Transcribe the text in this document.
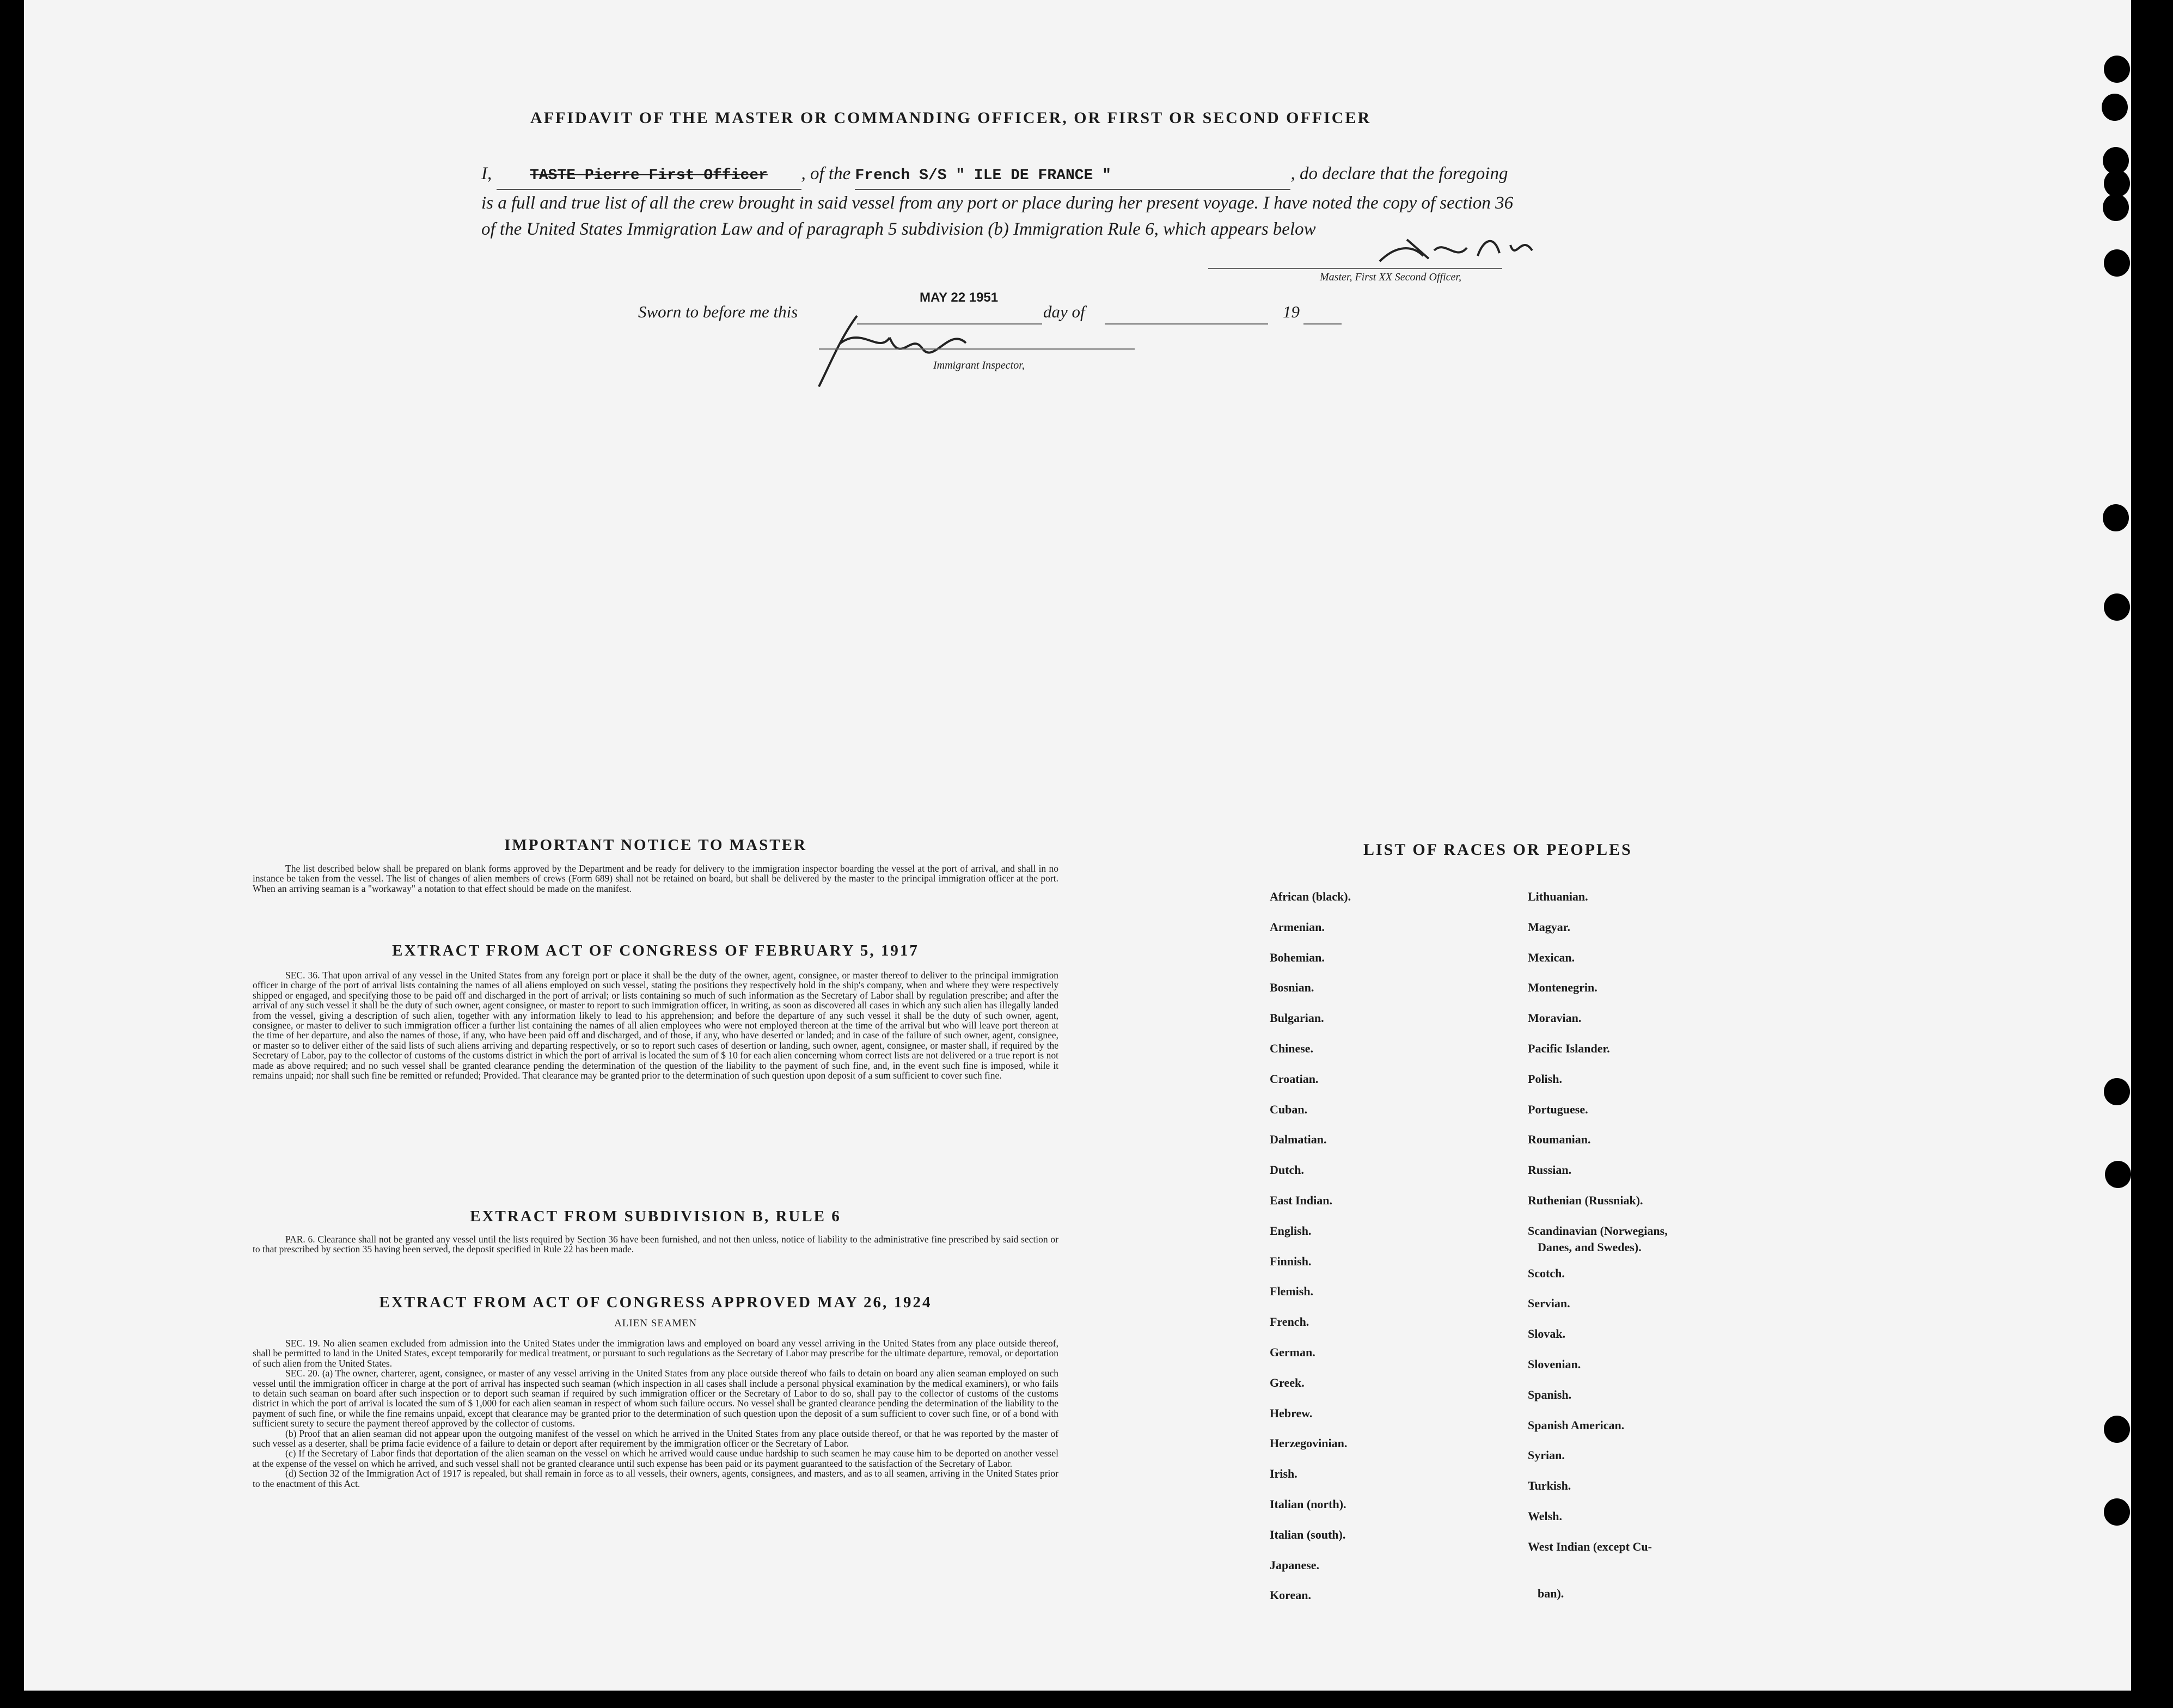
AFFIDAVIT OF THE MASTER OR COMMANDING OFFICER, OR FIRST OR SECOND OFFICER
I, TASTE Pierre First Officer , of the French S/S " ILE DE FRANCE "	, do declare that the foregoing is a full and true list of all the crew brought in said vessel from any port or place during her present voyage. I have noted the copy of section 36 of the United States Immigration Law and of paragraph 5 subdivision (b) Immigration Rule 6, which appears below
Master, First XX Second Officer,
Sworn to before me this
MAY 22 1951
day of	19
Immigrant Inspector,
IMPORTANT NOTICE TO MASTER

The list described below shall be prepared on blank forms approved by the Department and be ready for delivery to the immigration inspector boarding the vessel at the port of arrival, and shall in no instance be taken from the vessel. The list of changes of alien members of crews (Form 689) shall not be retained on board, but shall be delivered by the master to the principal immigration officer at the port. When an arriving seaman is a "workaway" a notation to that effect should be made on the manifest.

EXTRACT FROM ACT OF CONGRESS OF FEBRUARY 5, 1917

SEC. 36. That upon arrival of any vessel in the United States from any foreign port or place it shall be the duty of the owner, agent, consignee, or master thereof to deliver to the principal immigration officer in charge of the port of arrival lists containing the names of all aliens employed on such vessel, stating the positions they respectively hold in the ship's company, when and where they were respectively shipped or engaged, and specifying those to be paid off and discharged in the port of arrival; or lists containing so much of such information as the Secretary of Labor shall by regulation prescribe; and after the arrival of any such vessel it shall be the duty of such owner, agent consignee, or master to report to such immigration officer, in writing, as soon as discovered all cases in which any such alien has illegally landed from the vessel, giving a description of such alien, together with any information likely to lead to his apprehension; and before the departure of any such vessel it shall be the duty of such owner, agent, consignee, or master to deliver to such immigration officer a further list containing the names of all alien employees who were not employed thereon at the time of the arrival but who will leave port thereon at the time of her departure, and also the names of those, if any, who have been paid off and discharged, and of those, if any, who have deserted or landed; and in case of the failure of such owner, agent, consignee, or master so to deliver either of the said lists of such aliens arriving and departing respectively, or so to report such cases of desertion or landing, such owner, agent, consignee, or master shall, if required by the Secretary of Labor, pay to the collector of customs of the customs district in which the port of arrival is located the sum of $ 10 for each alien concerning whom correct lists are not delivered or a true report is not made as above required; and no such vessel shall be granted clearance pending the determination of the question of the liability to the payment of such fine, and, in the event such fine is imposed, while it remains unpaid; nor shall such fine be remitted or refunded; Provided. That clearance may be granted prior to the determination of such question upon deposit of a sum sufficient to cover such fine.

EXTRACT FROM SUBDIVISION B, RULE 6

PAR. 6. Clearance shall not be granted any vessel until the lists required by Section 36 have been furnished, and not then unless, notice of liability to the administrative fine prescribed by said section or to that prescribed by section 35 having been served, the deposit specified in Rule 22 has been made.

EXTRACT FROM ACT OF CONGRESS APPROVED MAY 26, 1924
ALIEN SEAMEN

SEC. 19. No alien seamen excluded from admission into the United States under the immigration laws and employed on board any vessel arriving in the United States from any place outside thereof, shall be permitted to land in the United States, except temporarily for medical treatment, or pursuant to such regulations as the Secretary of Labor may prescribe for the ultimate departure, removal, or deportation of such alien from the United States.

SEC. 20. (a) The owner, charterer, agent, consignee, or master of any vessel arriving in the United States from any place outside thereof who fails to detain on board any alien seaman employed on such vessel until the immigration officer in charge at the port of arrival has inspected such seaman (which inspection in all cases shall include a personal physical examination by the medical examiners), or who fails to detain such seaman on board after such inspection or to deport such seaman if required by such immigration officer or the Secretary of Labor to do so, shall pay to the collector of customs of the customs district in which the port of arrival is located the sum of $ 1,000 for each alien seaman in respect of whom such failure occurs. No vessel shall be granted clearance pending the determination of the liability to the payment of such fine, or while the fine remains unpaid, except that clearance may be granted prior to the determination of such question upon the deposit of a sum sufficient to cover such fine, or of a bond with sufficient surety to secure the payment thereof approved by the collector of customs.

(b) Proof that an alien seaman did not appear upon the outgoing manifest of the vessel on which he arrived in the United States from any place outside thereof, or that he was reported by the master of such vessel as a deserter, shall be prima facie evidence of a failure to detain or deport after requirement by the immigration officer or the Secretary of Labor.

(c) If the Secretary of Labor finds that deportation of the alien seaman on the vessel on which he arrived would cause undue hardship to such seamen he may cause him to be deported on another vessel at the expense of the vessel on which he arrived, and such vessel shall not be granted clearance until such expense has been paid or its payment guaranteed to the satisfaction of the Secretary of Labor.

(d) Section 32 of the Immigration Act of 1917 is repealed, but shall remain in force as to all vessels, their owners, agents, consignees, and masters, and as to all seamen, arriving in the United States prior to the enactment of this Act.

LIST OF RACES OR PEOPLES
African (black).
Armenian.
Bohemian.
Bosnian.
Bulgarian.
Chinese.
Croatian.
Cuban.
Dalmatian.
Dutch.
East Indian.
English.
Finnish.
Flemish.
French.
German.
Greek.
Hebrew.
Herzegovinian.
Irish.
Italian (north).
Italian (south).
Japanese.
Korean.
Lithuanian.
Magyar.
Mexican.
Montenegrin.
Moravian.
Pacific Islander.
Polish.
Portuguese.
Roumanian.
Russian.
Ruthenian (Russniak).
Scandinavian (Norwegians,
Danes, and Swedes).
Scotch.
Servian.
Slovak.
Slovenian.
Spanish.
Spanish American.
Syrian.
Turkish.
Welsh.
West Indian (except Cu-
ban).
